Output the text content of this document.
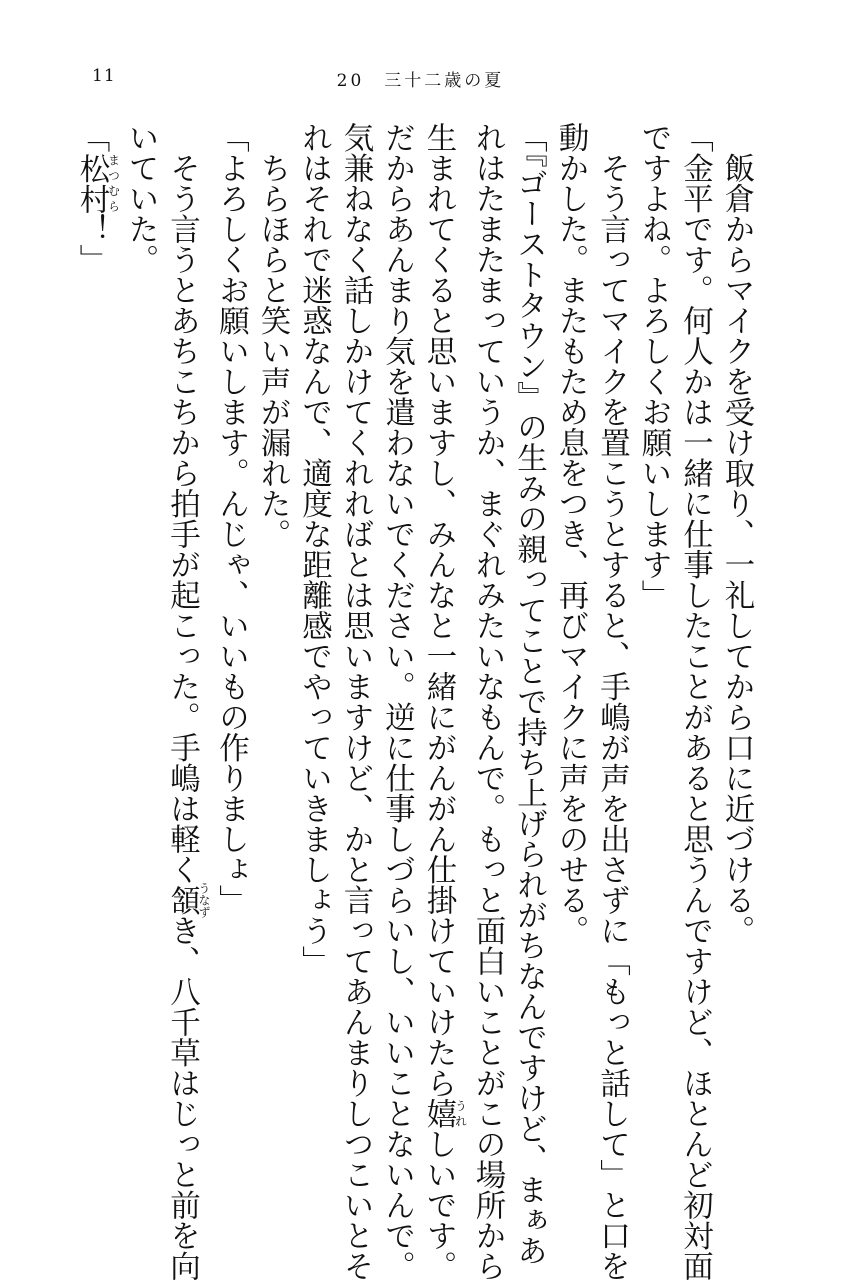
11	20　三十二歳の夏
　飯倉からマイクを受け取り、一礼してから口に近づける。
「金平です。何人かは一緒に仕事したことがあると思うんですけど、ほとんど初対面
ですよね。よろしくお願いします」
　そう言ってマイクを置こうとすると、手嶋が声を出さずに「もっと話して」と口を
動かした。またもため息をつき、再びマイクに声をのせる。
「『ゴーストタウン』の生みの親ってことで持ち上げられがちなんですけど、まぁあ
れはたまたまっていうか、まぐれみたいなもんで。もっと面白いことがこの場所から
生まれてくると思いますし、みんなと一緒にがんがん仕掛けていけたら嬉うれしいです。
だからあんまり気を遣わないでください。逆に仕事しづらいし、いいことないんで。
気兼ねなく話しかけてくれればとは思いますけど、かと言ってあんまりしつこいとそ
れはそれで迷惑なんで、適度な距離感でやっていきましょう」
　ちらほらと笑い声が漏れた。
「よろしくお願いします。んじゃ、いいもの作りましょ」
　そう言うとあちこちから拍手が起こった。手嶋は軽く頷うなずき、八千草はじっと前を向
いていた。
「松村まつむら！」
